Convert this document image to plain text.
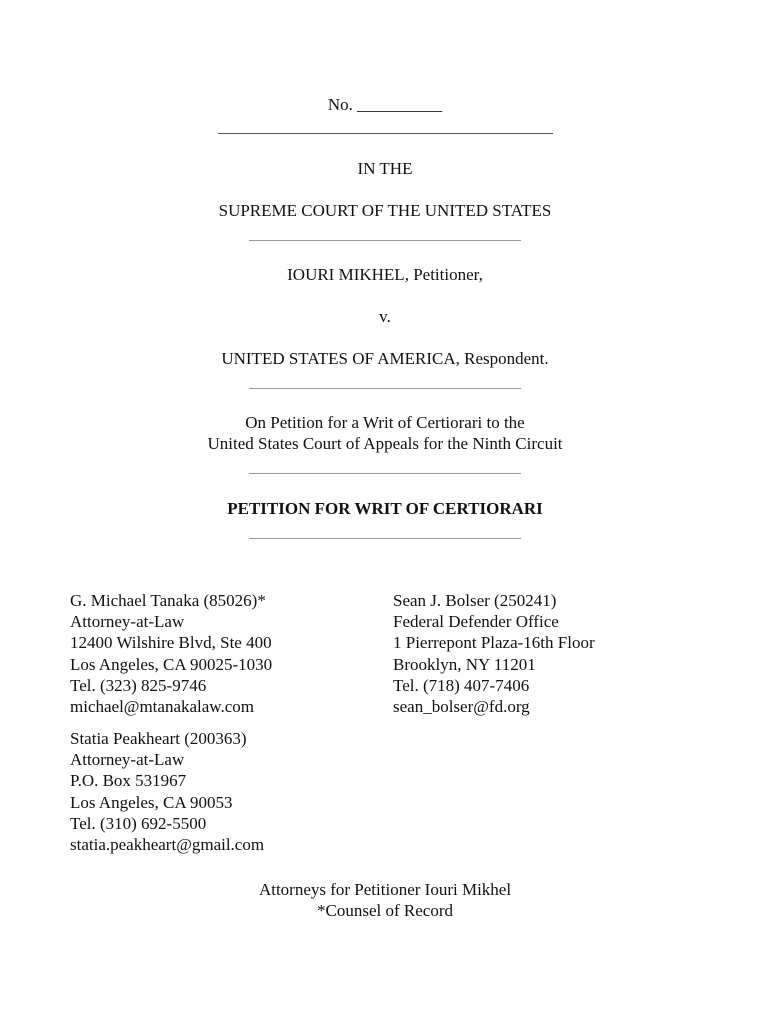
No. __________
IN THE
SUPREME COURT OF THE UNITED STATES
IOURI MIKHEL, Petitioner,
v.
UNITED STATES OF AMERICA, Respondent.
On Petition for a Writ of Certiorari to the
United States Court of Appeals for the Ninth Circuit
PETITION FOR WRIT OF CERTIORARI
G. Michael Tanaka (85026)*
Attorney-at-Law
12400 Wilshire Blvd, Ste 400
Los Angeles, CA 90025-1030
Tel. (323) 825-9746
michael@mtanakalaw.com
Sean J. Bolser (250241)
Federal Defender Office
1 Pierrepont Plaza-16th Floor
Brooklyn, NY 11201
Tel. (718) 407-7406
sean_bolser@fd.org
Statia Peakheart (200363)
Attorney-at-Law
P.O. Box 531967
Los Angeles, CA 90053
Tel. (310) 692-5500
statia.peakheart@gmail.com
Attorneys for Petitioner Iouri Mikhel
*Counsel of Record
